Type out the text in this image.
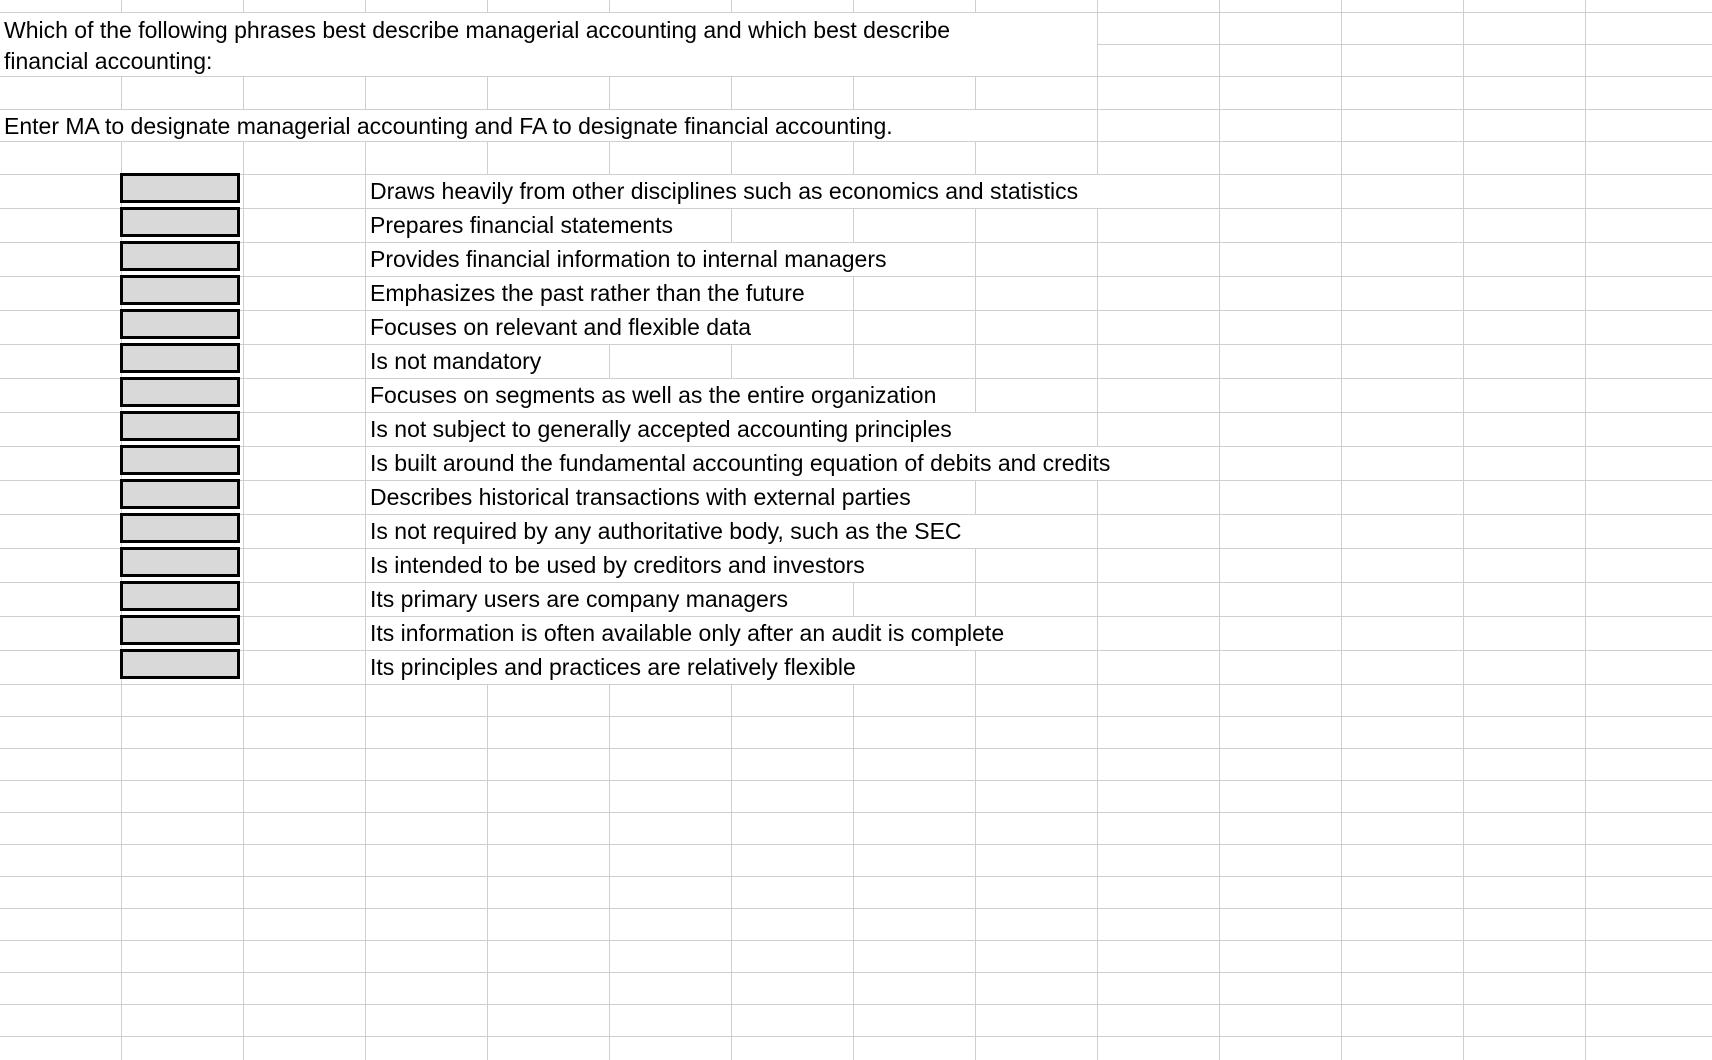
Which of the following phrases best describe managerial accounting and which best describe
financial accounting:
Enter MA to designate managerial accounting and FA to designate financial accounting.
Draws heavily from other disciplines such as economics and statistics
Prepares financial statements
Provides financial information to internal managers
Emphasizes the past rather than the future
Focuses on relevant and flexible data
Is not mandatory
Focuses on segments as well as the entire organization
Is not subject to generally accepted accounting principles
Is built around the fundamental accounting equation of debits and credits
Describes historical transactions with external parties
Is not required by any authoritative body, such as the SEC
Is intended to be used by creditors and investors
Its primary users are company managers
Its information is often available only after an audit is complete
Its principles and practices are relatively flexible
